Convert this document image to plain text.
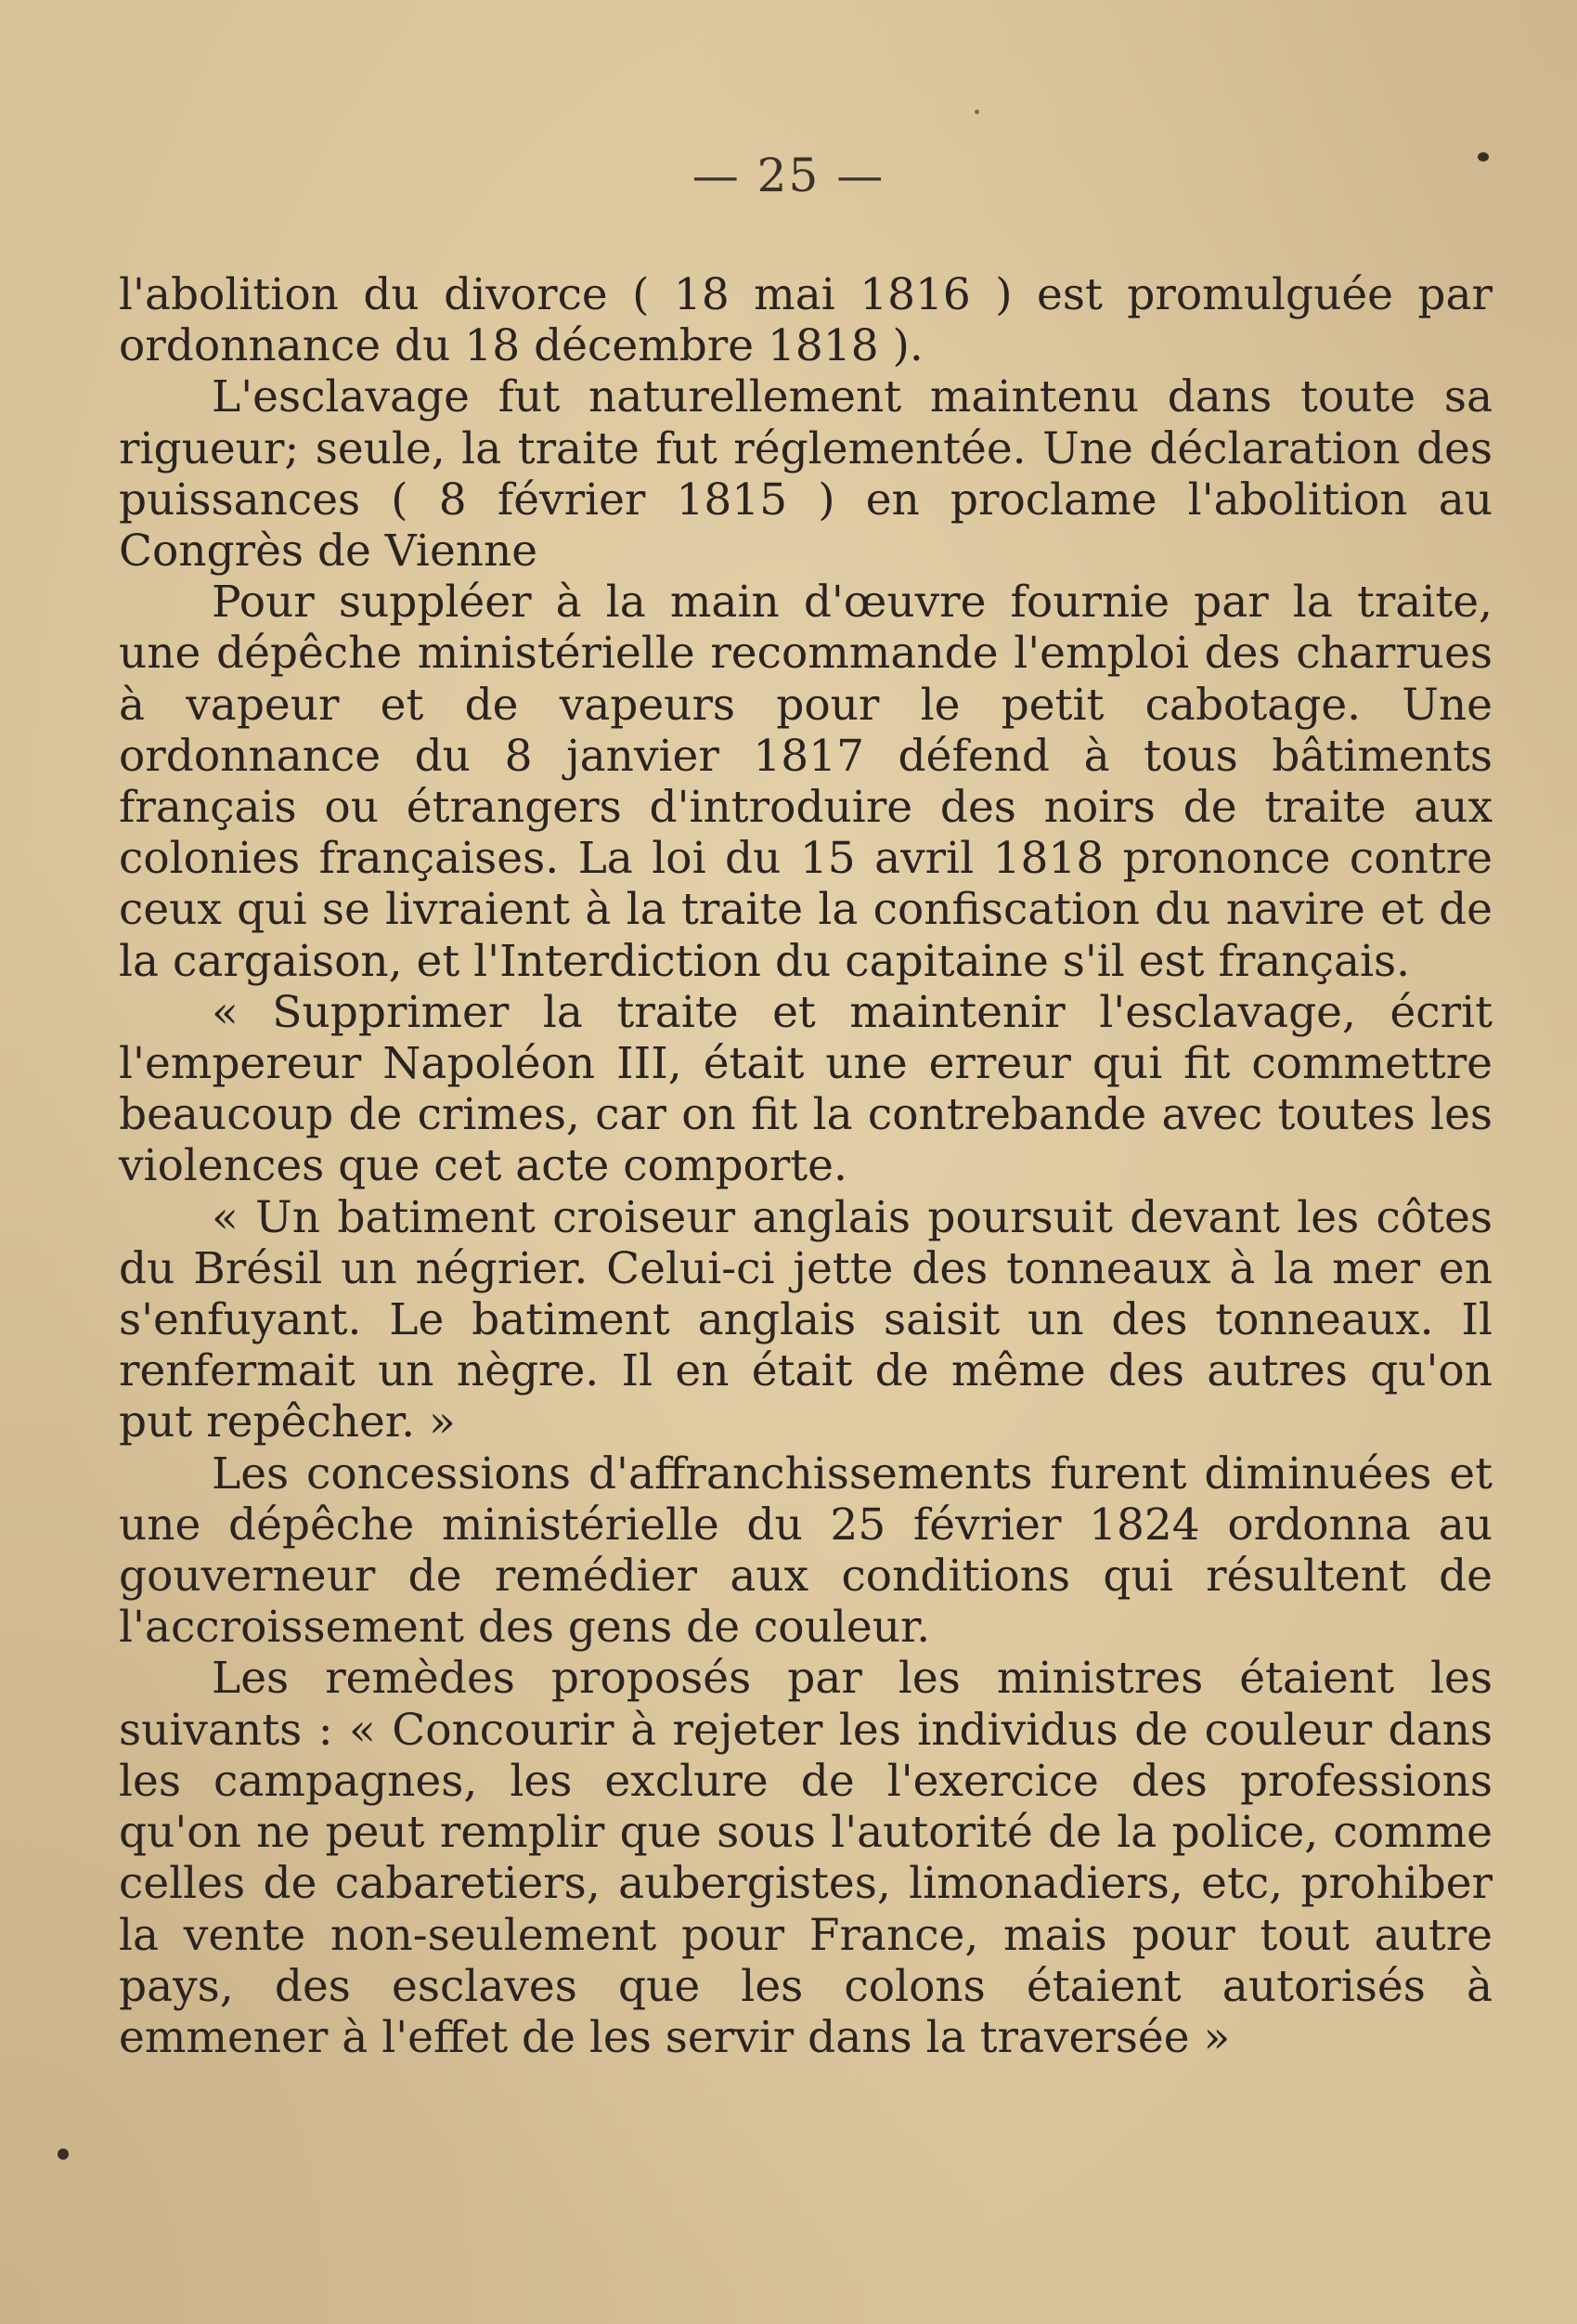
— 25 —

l'abolition du divorce ( 18 mai 1816 ) est promulguée par ordonnance du 18 décembre 1818 ).

L'esclavage fut naturellement maintenu dans toute sa rigueur; seule, la traite fut réglementée. Une déclaration des puissances ( 8 février 1815 ) en proclame l'abolition au Congrès de Vienne

Pour suppléer à la main d'œuvre fournie par la traite, une dépêche ministérielle recommande l'emploi des charrues à vapeur et de vapeurs pour le petit cabotage. Une ordonnance du 8 janvier 1817 défend à tous bâtiments français ou étrangers d'introduire des noirs de traite aux colonies françaises. La loi du 15 avril 1818 prononce contre ceux qui se livraient à la traite la confiscation du navire et de la cargaison, et l'Interdiction du capitaine s'il est français.

« Supprimer la traite et maintenir l'esclavage, écrit l'empereur Napoléon III, était une erreur qui fit commettre beaucoup de crimes, car on fit la contrebande avec toutes les violences que cet acte comporte.

« Un batiment croiseur anglais poursuit devant les côtes du Brésil un négrier. Celui-ci jette des tonneaux à la mer en s'enfuyant. Le batiment anglais saisit un des tonneaux. Il renfermait un nègre. Il en était de même des autres qu'on put repêcher. »

Les concessions d'affranchissements furent diminuées et une dépêche ministérielle du 25 février 1824 ordonna au gouverneur de remédier aux conditions qui résultent de l'accroissement des gens de couleur.

Les remèdes proposés par les ministres étaient les suivants : « Concourir à rejeter les individus de couleur dans les campagnes, les exclure de l'exercice des professions qu'on ne peut remplir que sous l'autorité de la police, comme celles de cabaretiers, aubergistes, limonadiers, etc, prohiber la vente non-seulement pour France, mais pour tout autre pays, des esclaves que les colons étaient autorisés à emmener à l'effet de les servir dans la traversée »
